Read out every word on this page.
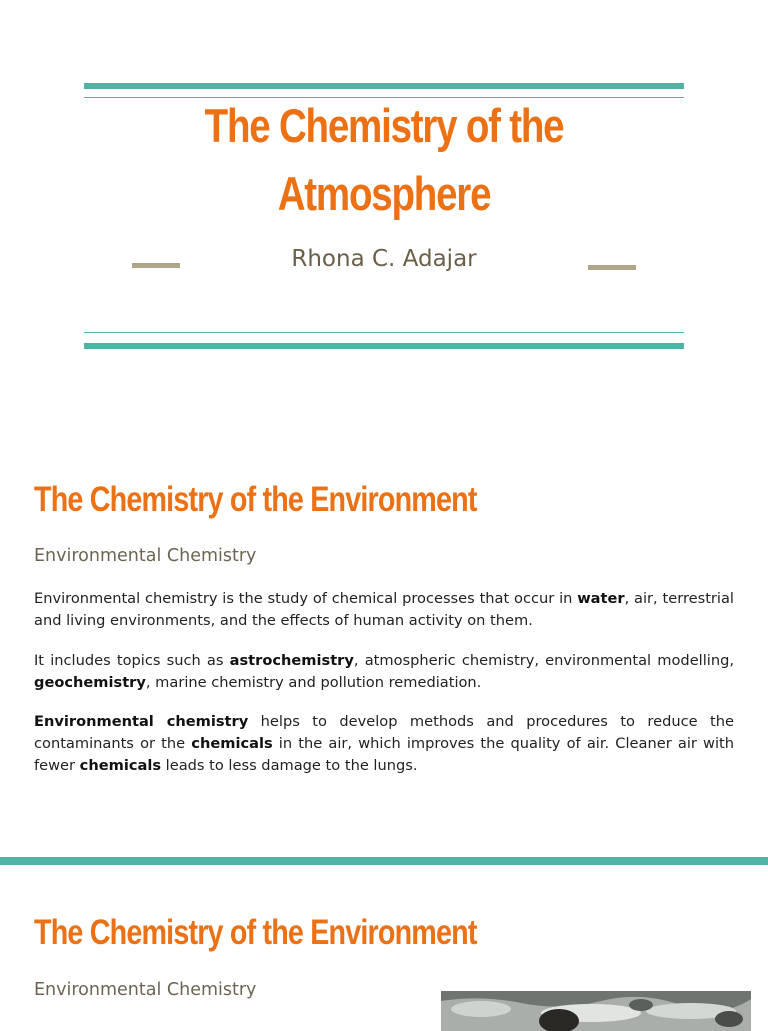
The Chemistry of the Atmosphere
Rhona C. Adajar
The Chemistry of the Environment
Environmental Chemistry

Environmental chemistry is the study of chemical processes that occur in water, air, terrestrial and living environments, and the effects of human activity on them.

It includes topics such as astrochemistry, atmospheric chemistry, environmental modelling, geochemistry, marine chemistry and pollution remediation.

Environmental chemistry helps to develop methods and procedures to reduce the contaminants or the chemicals in the air, which improves the quality of air. Cleaner air with fewer chemicals leads to less damage to the lungs.

The Chemistry of the Environment
Environmental Chemistry
